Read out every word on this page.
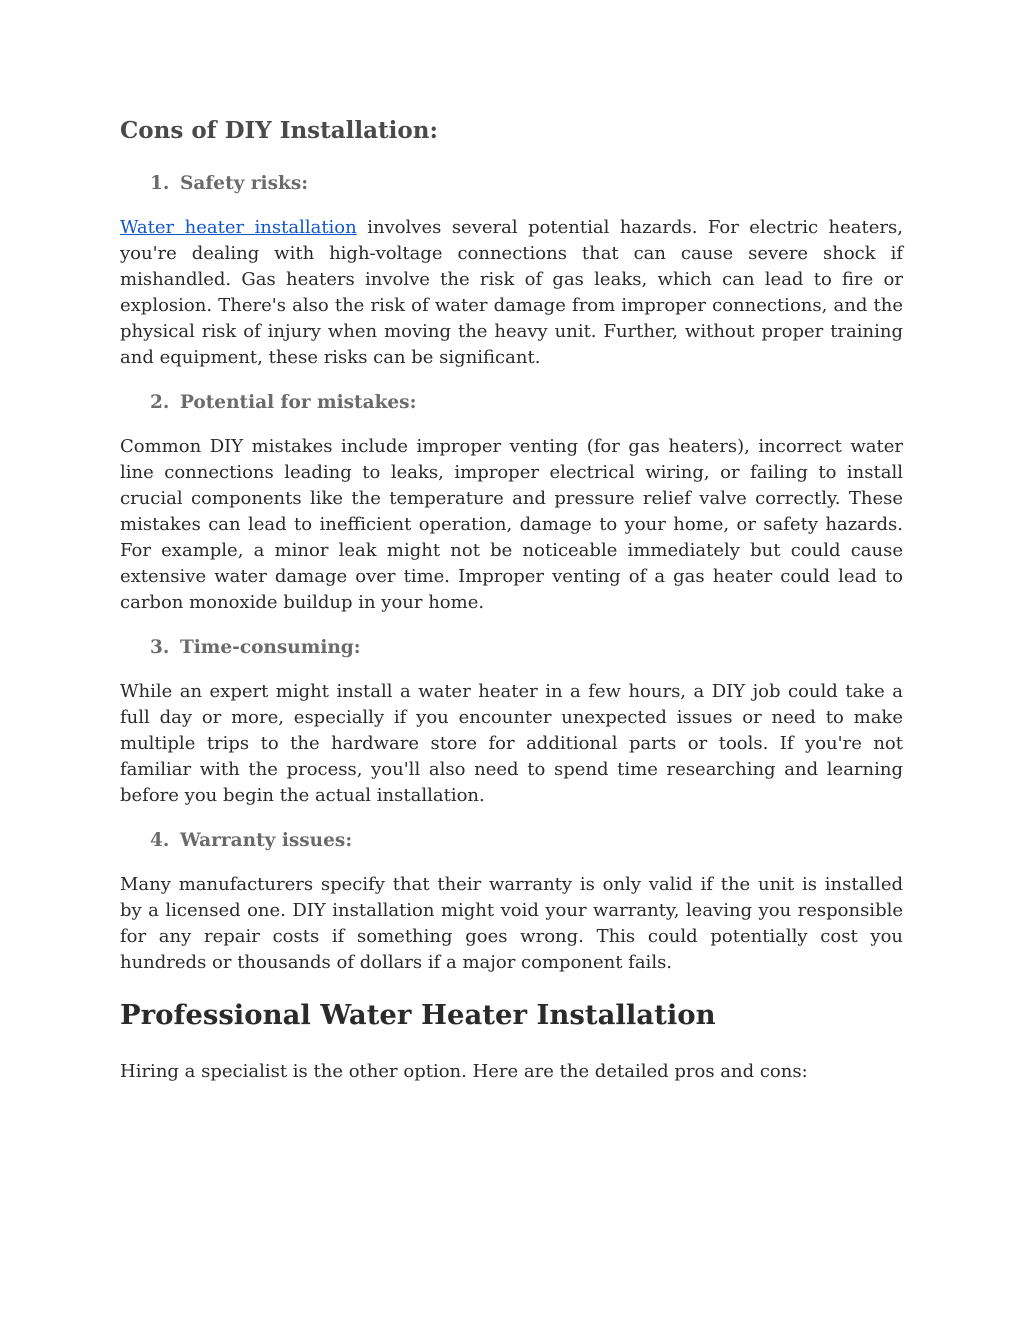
Cons of DIY Installation:
1. Safety risks:

Water heater installation involves several potential hazards. For electric heaters, you're dealing with high-voltage connections that can cause severe shock if mishandled. Gas heaters involve the risk of gas leaks, which can lead to fire or explosion. There's also the risk of water damage from improper connections, and the physical risk of injury when moving the heavy unit. Further, without proper training and equipment, these risks can be significant.

2. Potential for mistakes:

Common DIY mistakes include improper venting (for gas heaters), incorrect water line connections leading to leaks, improper electrical wiring, or failing to install crucial components like the temperature and pressure relief valve correctly. These mistakes can lead to inefficient operation, damage to your home, or safety hazards. For example, a minor leak might not be noticeable immediately but could cause extensive water damage over time. Improper venting of a gas heater could lead to carbon monoxide buildup in your home.

3. Time-consuming:

While an expert might install a water heater in a few hours, a DIY job could take a full day or more, especially if you encounter unexpected issues or need to make multiple trips to the hardware store for additional parts or tools. If you're not familiar with the process, you'll also need to spend time researching and learning before you begin the actual installation.

4. Warranty issues:

Many manufacturers specify that their warranty is only valid if the unit is installed by a licensed one. DIY installation might void your warranty, leaving you responsible for any repair costs if something goes wrong. This could potentially cost you hundreds or thousands of dollars if a major component fails.

Professional Water Heater Installation

Hiring a specialist is the other option. Here are the detailed pros and cons:
